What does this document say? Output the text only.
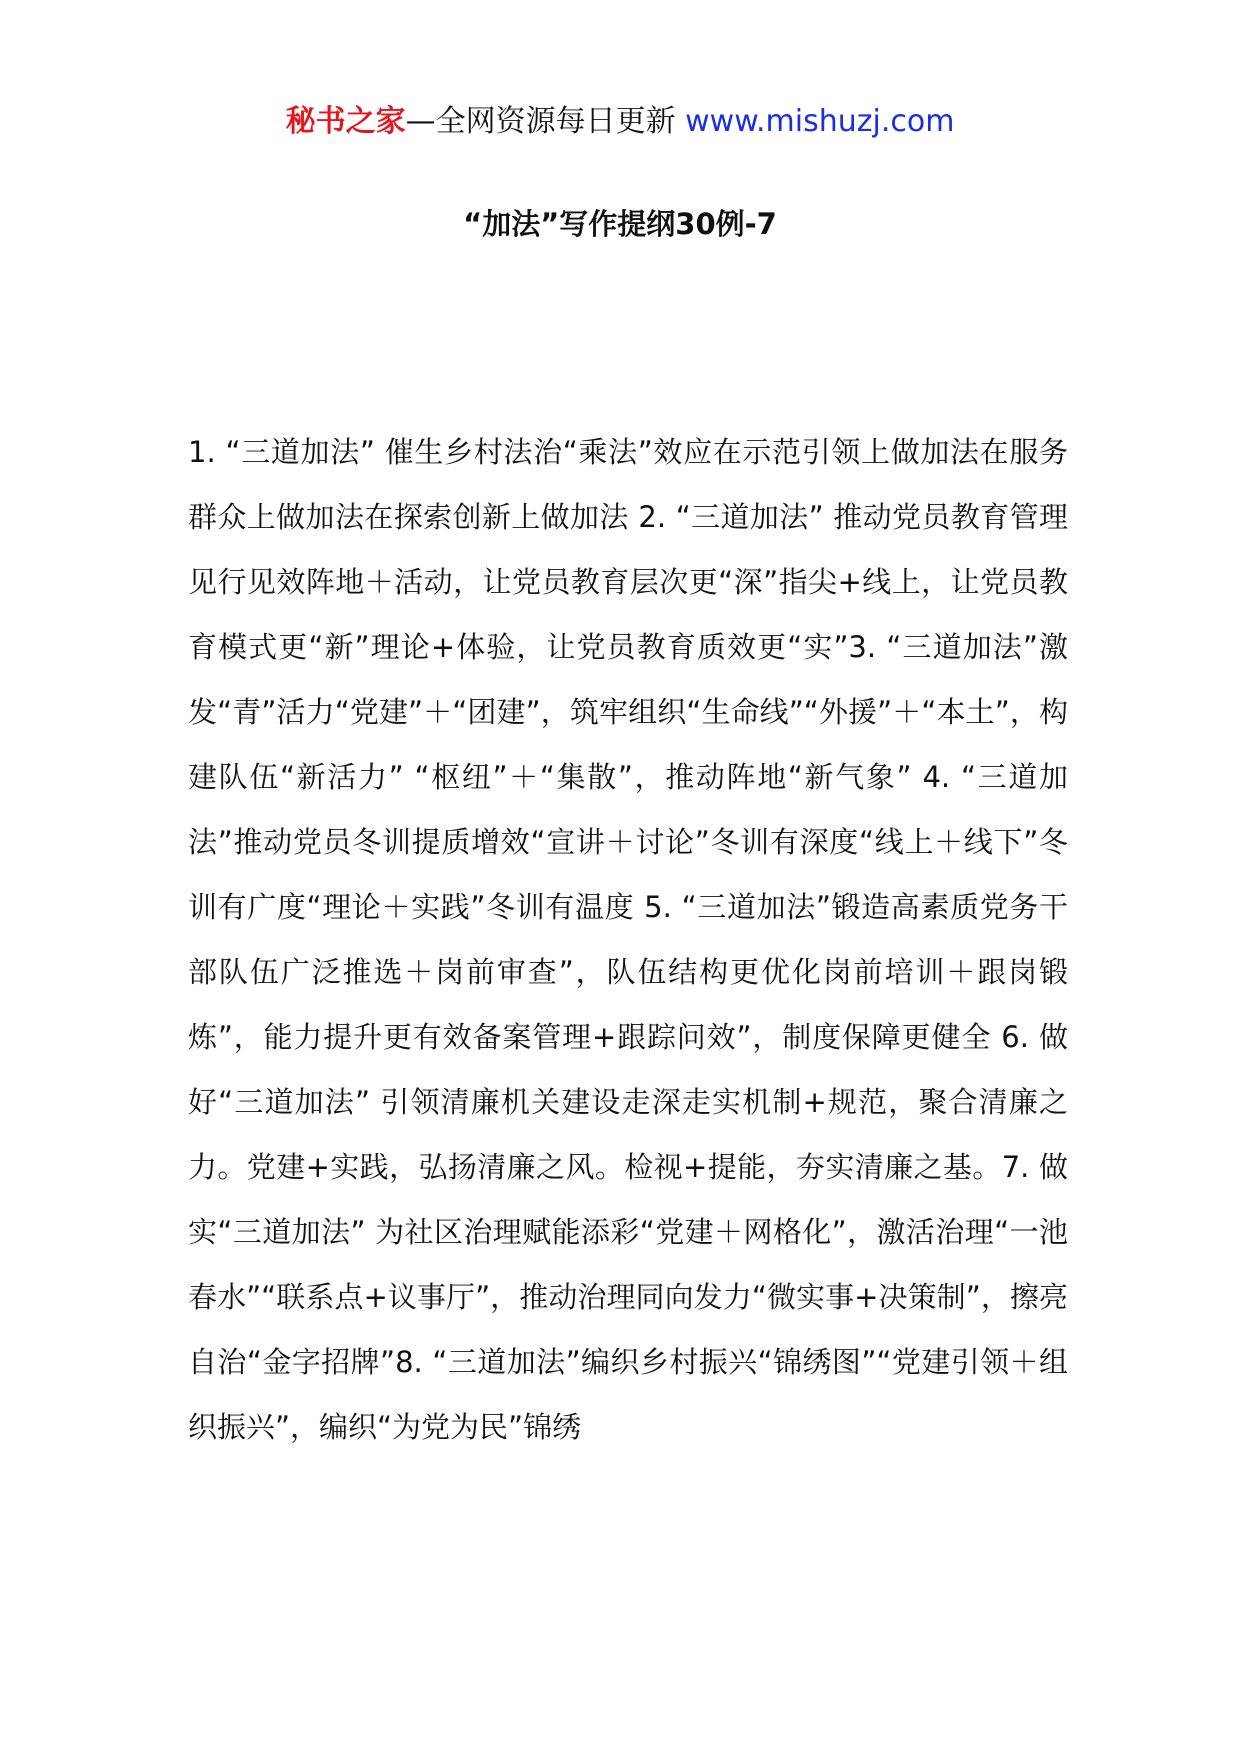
秘书之家—全网资源每日更新 www.mishuzj.com
“加法”写作提纲30例-7

1. “三道加法” 催生乡村法治“乘法”效应在示范引领上做加法在服务群众上做加法在探索创新上做加法 2. “三道加法” 推动党员教育管理见行见效阵地＋活动，让党员教育层次更“深”指尖+线上，让党员教育模式更“新”理论+体验，让党员教育质效更“实”3. “三道加法”激发“青”活力“党建”＋“团建”，筑牢组织“生命线”“外援”＋“本土”，构建队伍“新活力” “枢纽”＋“集散”，推动阵地“新气象” 4. “三道加法”推动党员冬训提质增效“宣讲＋讨论”冬训有深度“线上＋线下”冬训有广度“理论＋实践”冬训有温度 5. “三道加法”锻造高素质党务干部队伍广泛推选＋岗前审查”，队伍结构更优化岗前培训＋跟岗锻炼”，能力提升更有效备案管理+跟踪问效”，制度保障更健全 6. 做好“三道加法” 引领清廉机关建设走深走实机制+规范，聚合清廉之力。党建+实践，弘扬清廉之风。检视+提能，夯实清廉之基。7. 做实“三道加法” 为社区治理赋能添彩“党建＋网格化”，激活治理“一池春水”“联系点+议事厅”，推动治理同向发力“微实事+决策制”，擦亮自治“金字招牌”8. “三道加法”编织乡村振兴“锦绣图”“党建引领＋组织振兴”，编织“为党为民”锦绣
